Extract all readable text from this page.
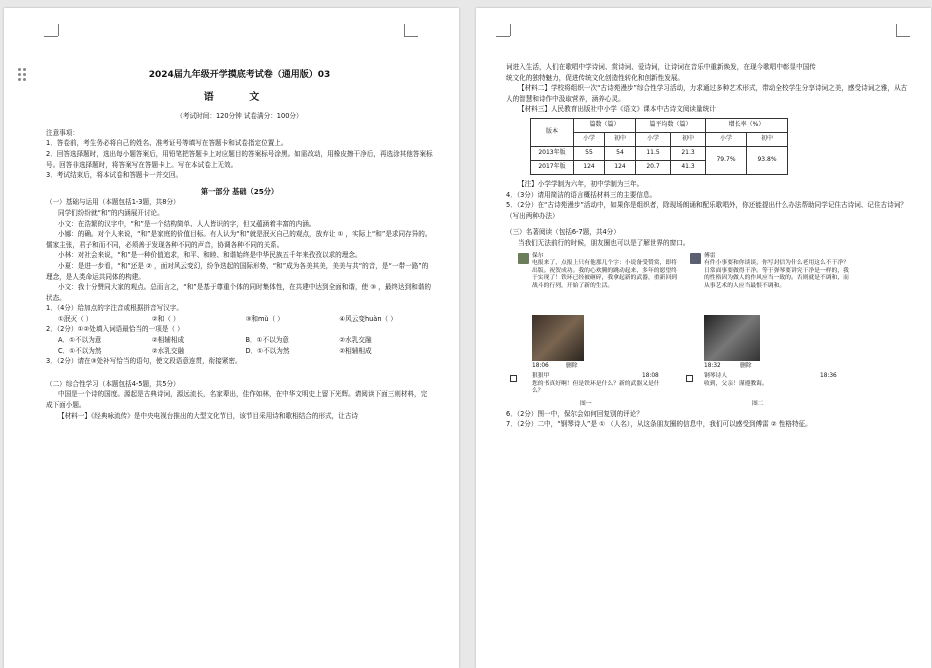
2024届九年级开学摸底考试卷（通用版）03

语 文

（考试时间：120分钟 试卷满分：100分）

注意事项：

1．答卷前，考生务必将自己的姓名、准考证号等填写在答题卡和试卷指定位置上。

2．回答选择题时，选出每小题答案后，用铅笔把答题卡上对应题目的答案标号涂黑。如需改动，用橡皮擦干净后，再选涂其他答案标号。回答非选择题时，将答案写在答题卡上。写在本试卷上无效。

3．考试结束后，将本试卷和答题卡一并交回。

第一部分 基础（25分）

（一）基础与运用（本题包括1-3题，共8分）

同学们纷纷就“和”的内涵展开讨论。

小文：在浩繁的汉字中，“和”是一个结构简单、人人皆识的字，但又蕴涵着丰富的内涵。

小娜：的确。对个人来说，“和”是家庭的价值目标。有人认为“和”就是泯灭自己的观点，放弃让 ① ，实际上“和”是求同存异的。儒家主张，君子和而不同，必须善于发现各种不同的声音，协调各种不同的关系。

小林：对社会来说，“和”是一种价值追求，和平、和睦、和谐始终是中华民族五千年来孜孜以求的理念。

小夏：是进一步看，“和”还是 ② ，面对风云变幻，纷争迭起的国际形势，“和”成为各美其美，美美与共“的音，是“一带一路”的理念，是人类命运共同体的构建。

小文：我十分赞同大家的观点。总而言之，“和”是基于尊重个体的同时集体性，在共建中达到全面和谐，使 ③ ，最终达到和谐的状态。

1．（4分）给加点的字注音或根据拼音写汉字。

①泯灭（ ）	②和（ ）	③和mù（ ）	④风云变huàn（ ）

2．（2分）①②处填入词语最恰当的一项是（ ）

A．①不以为意	②相辅相成	B．①不以为意	②水乳交融
C．①不以为然	②水乳交融	D．①不以为然	②相辅相成

3．（2分）请在③处补写恰当的语句，使文段语意连贯，衔接紧密。

（二）综合性学习（本题包括4-5题，共5分）

中国是一个诗的国度。源起是古典诗词，源远流长，名家辈出，佳作如林，在中华文明史上留下光辉。请阅读下面三则材料，完成下面小题。

【材料一】《经典咏流传》是中央电视台推出的大型文化节目，该节目采用诗和歌相结合的形式，让古诗

词进入生活，人们在歌唱中学诗词、赏诗词、爱诗词，让诗词在音乐中重新焕发，在现今歌唱中彰显中国传

统文化的独特魅力，促进传统文化创造性转化和创新性发展。

【材料二】学校将组织一次“古诗苑漫步”综合性学习活动，力求通过多种艺术形式，带动全校学生分享诗词之美，感受诗词之雅，从古人的智慧和诗作中汲取营养，涵养心灵。

【材料三】人民教育出版社中小学《语文》课本中古诗文阅读量统计

版本	篇数（篇）		篇平均数（篇）		增长率（%）	
	小学	初中	小学	初中	小学	初中
2013年版	55	54	11.5	21.3	79.7%	93.8%
2017年版	124	124	20.7	41.3		

【注】小学学制为六年，初中学制为三年。

4．（3分）请用简洁的语言概括材料三的主要信息。

5．（2分）在“古诗苑漫步”活动中，如果你是组织者，除现场朗诵和配乐歌唱外，你还能提出什么办法帮助同学记住古诗词、记住古诗词？（写出两种办法）

（三）名著阅读（包括6-7题，共4分）

当我们无法前行的时候，朋友圈也可以是了解世界的窗口。

保尔
电报来了，点报上只有他那几个字：小说备受赞赏，即将出版。祝贺成功。我的心欢腾的跳动起来，多年的愿望终于实现了！铁环已经被砸碎，我拿起新的武器，重新回到战斗的行列，开始了新的生活。
18:06	删除
狠狠甲	18:08
您的书真好啊！但是铁环是什么？新的武器又是什么？
图一
傅雷
有件小事要和你谈谈，你写封信为什么老用这么不干净？日常面事要做得干净。等于弹琴要讲究干净是一样的，我的性格因为做人的作风应当一致的。否则就是不调和，而从事艺术的人应当最恨不调和。
18:32	删除
钢琴诗人	18:36
收到，父亲！谨遵教诲。
图二

6．（2分）图一中，保尔会如何回复别的评论？

7．（2分）二中，“钢琴诗人”是 ① （人名），从这条朋友圈的信息中，我们可以感受到傅雷 ② 性格特征。
